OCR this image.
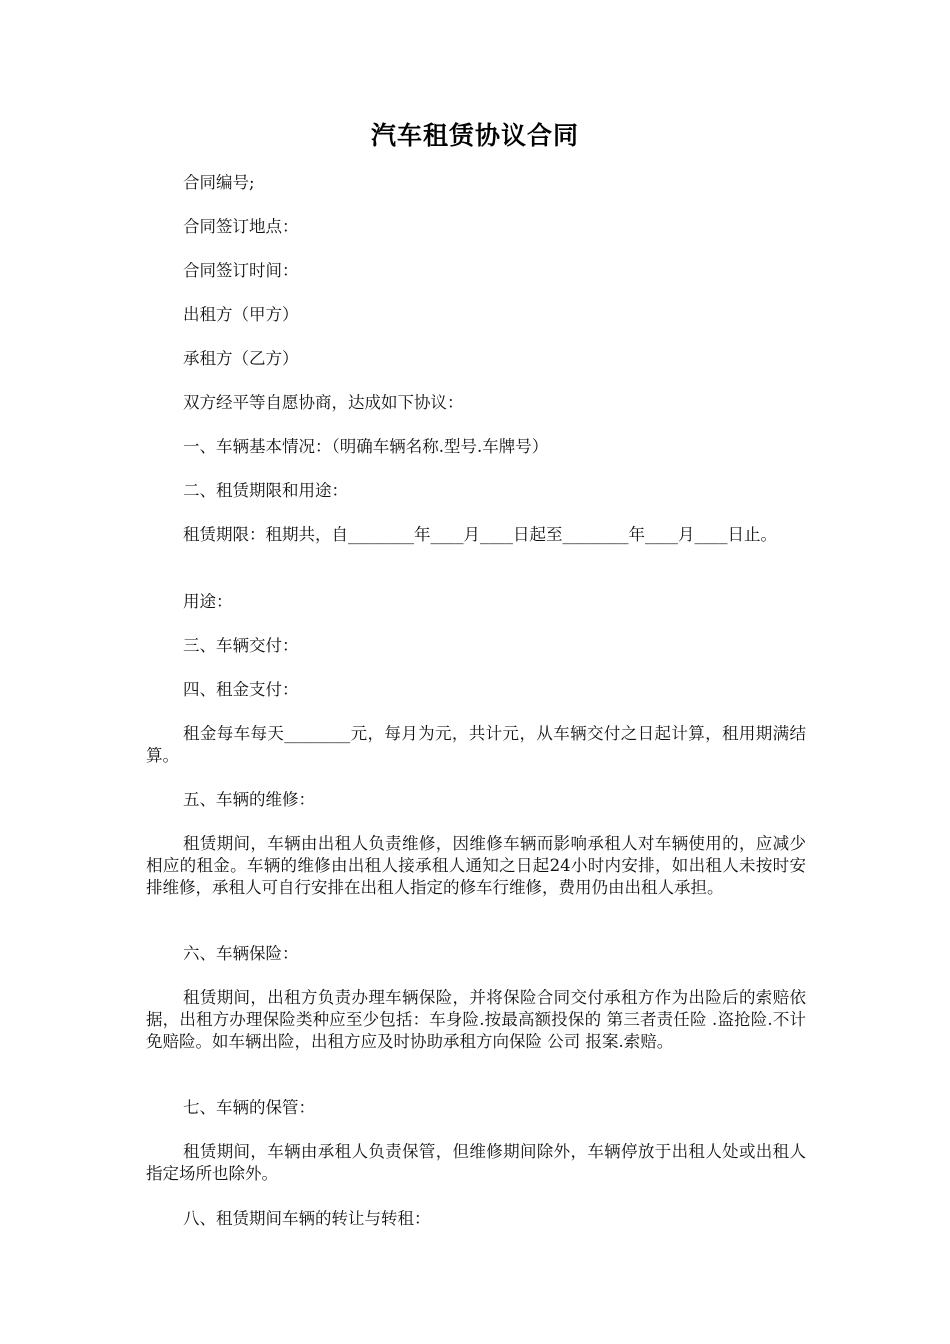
汽车租赁协议合同
合同编号;
合同签订地点：
合同签订时间：
出租方（甲方）
承租方（乙方）
双方经平等自愿协商，达成如下协议：
一、车辆基本情况：（明确车辆名称.型号.车牌号）
二、租赁期限和用途：
租赁期限：租期共，自________年____月____日起至________年____月____日止。
用途：
三、车辆交付：
四、租金支付：
租金每车每天________元，每月为元，共计元，从车辆交付之日起计算，租用期满结算。
五、车辆的维修：
租赁期间，车辆由出租人负责维修，因维修车辆而影响承租人对车辆使用的，应减少相应的租金。车辆的维修由出租人接承租人通知之日起24小时内安排，如出租人未按时安排维修，承租人可自行安排在出租人指定的修车行维修，费用仍由出租人承担。
六、车辆保险：
租赁期间，出租方负责办理车辆保险，并将保险合同交付承租方作为出险后的索赔依据，出租方办理保险类种应至少包括：车身险.按最高额投保的 第三者责任险 .盗抢险.不计免赔险。如车辆出险，出租方应及时协助承租方向保险 公司 报案.索赔。
七、车辆的保管：
租赁期间，车辆由承租人负责保管，但维修期间除外，车辆停放于出租人处或出租人指定场所也除外。
八、租赁期间车辆的转让与转租：
